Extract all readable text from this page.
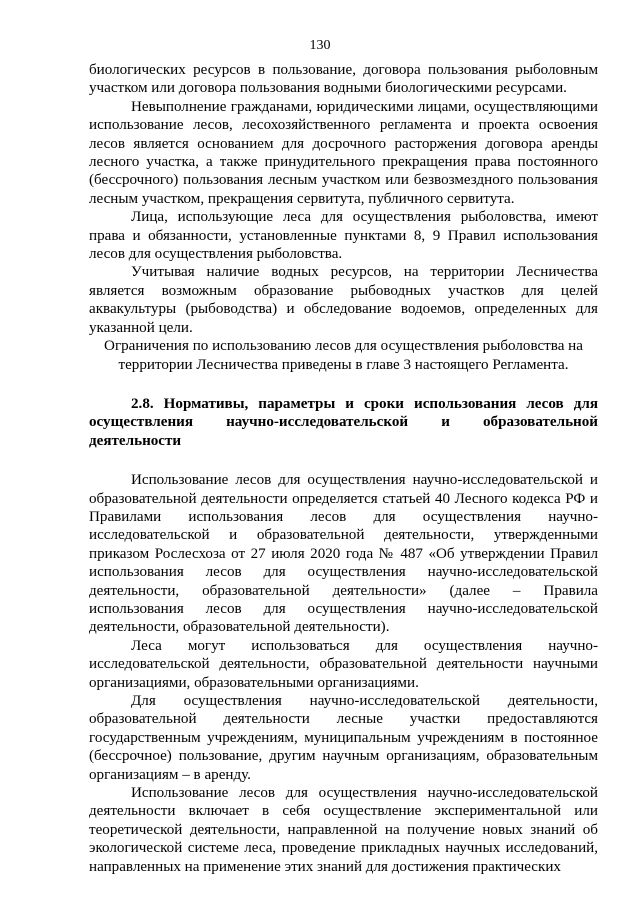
130

биологических ресурсов в пользование, договора пользования рыболовным участком или договора пользования водными биологическими ресурсами.

Невыполнение гражданами, юридическими лицами, осуществляющими использование лесов, лесохозяйственного регламента и проекта освоения лесов является основанием для досрочного расторжения договора аренды лесного участка, а также принудительного прекращения права постоянного (бессрочного) пользования лесным участком или безвозмездного пользования лесным участком, прекращения сервитута, публичного сервитута.

Лица, использующие леса для осуществления рыболовства, имеют права и обязанности, установленные пунктами 8, 9 Правил использования лесов для осуществления рыболовства.

Учитывая наличие водных ресурсов, на территории Лесничества является возможным образование рыбоводных участков для целей аквакультуры (рыбоводства) и обследование водоемов, определенных для указанной цели.

Ограничения по использованию лесов для осуществления рыболовства на территории Лесничества приведены в главе 3 настоящего Регламента.

2.8. Нормативы, параметры и сроки использования лесов для осуществления научно-исследовательской и образовательной деятельности

Использование лесов для осуществления научно-исследовательской и образовательной деятельности определяется статьей 40 Лесного кодекса РФ и Правилами использования лесов для осуществления научно-исследовательской и образовательной деятельности, утвержденными приказом Рослесхоза от 27 июля 2020 года № 487 «Об утверждении Правил использования лесов для осуществления научно-исследовательской деятельности, образовательной деятельности» (далее – Правила использования лесов для осуществления научно-исследовательской деятельности, образовательной деятельности).

Леса могут использоваться для осуществления научно-исследовательской деятельности, образовательной деятельности научными организациями, образовательными организациями.

Для осуществления научно-исследовательской деятельности, образовательной деятельности лесные участки предоставляются государственным учреждениям, муниципальным учреждениям в постоянное (бессрочное) пользование, другим научным организациям, образовательным организациям – в аренду.

Использование лесов для осуществления научно-исследовательской деятельности включает в себя осуществление экспериментальной или теоретической деятельности, направленной на получение новых знаний об экологической системе леса, проведение прикладных научных исследований, направленных на применение этих знаний для достижения практических
